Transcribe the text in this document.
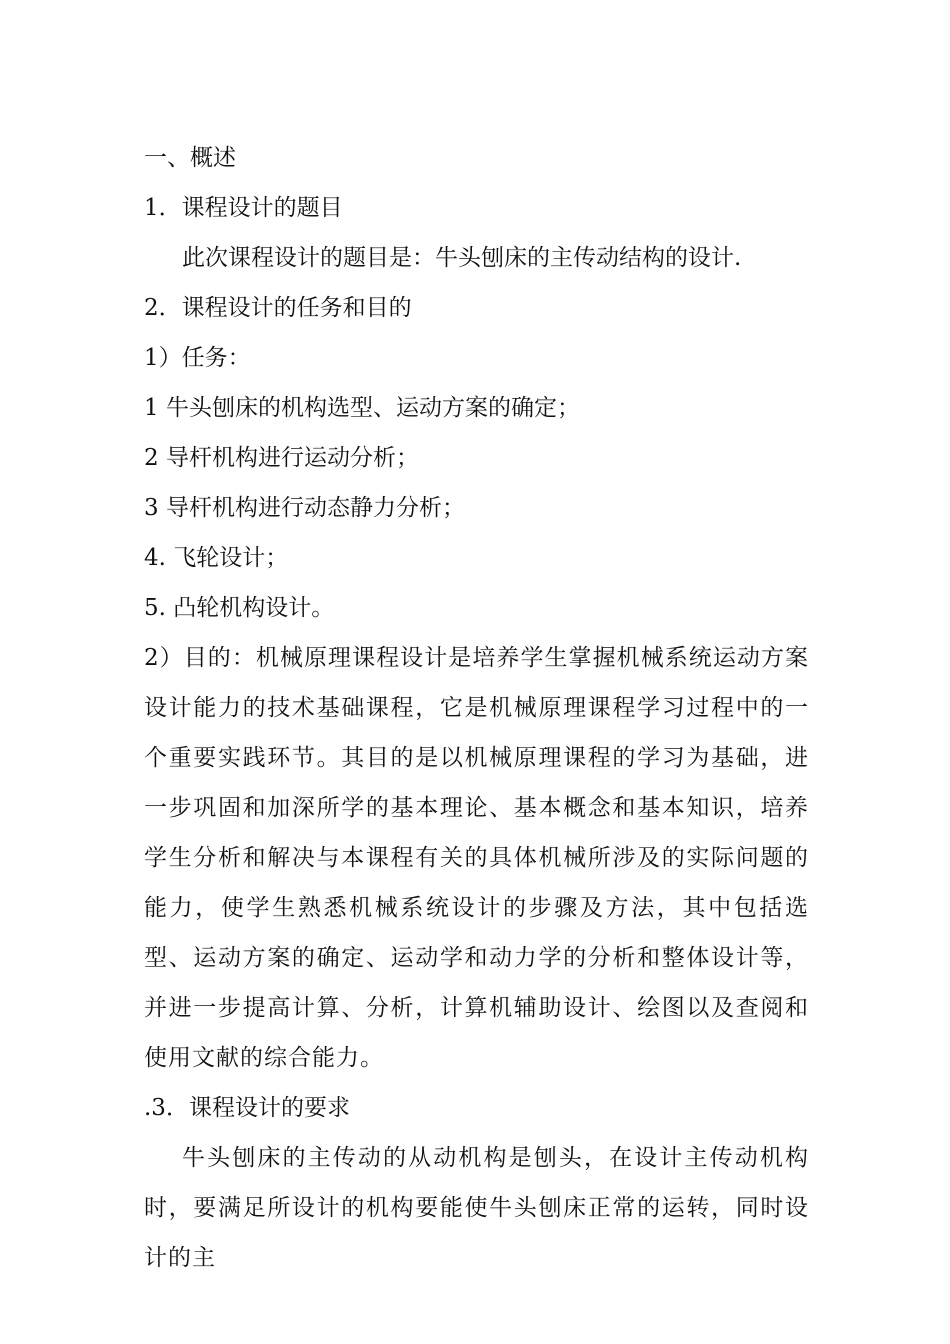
一、概述
1．课程设计的题目
此次课程设计的题目是：牛头刨床的主传动结构的设计.
2．课程设计的任务和目的
1）任务：
1 牛头刨床的机构选型、运动方案的确定；
2 导杆机构进行运动分析；
3 导杆机构进行动态静力分析；
4. 飞轮设计；
5. 凸轮机构设计。
2）目的：机械原理课程设计是培养学生掌握机械系统运动方案设计能力的技术基础课程，它是机械原理课程学习过程中的一个重要实践环节。其目的是以机械原理课程的学习为基础，进一步巩固和加深所学的基本理论、基本概念和基本知识，培养学生分析和解决与本课程有关的具体机械所涉及的实际问题的能力，使学生熟悉机械系统设计的步骤及方法，其中包括选型、运动方案的确定、运动学和动力学的分析和整体设计等，并进一步提高计算、分析，计算机辅助设计、绘图以及查阅和使用文献的综合能力。
.3．课程设计的要求
牛头刨床的主传动的从动机构是刨头，在设计主传动机构时，要满足所设计的机构要能使牛头刨床正常的运转，同时设计的主
